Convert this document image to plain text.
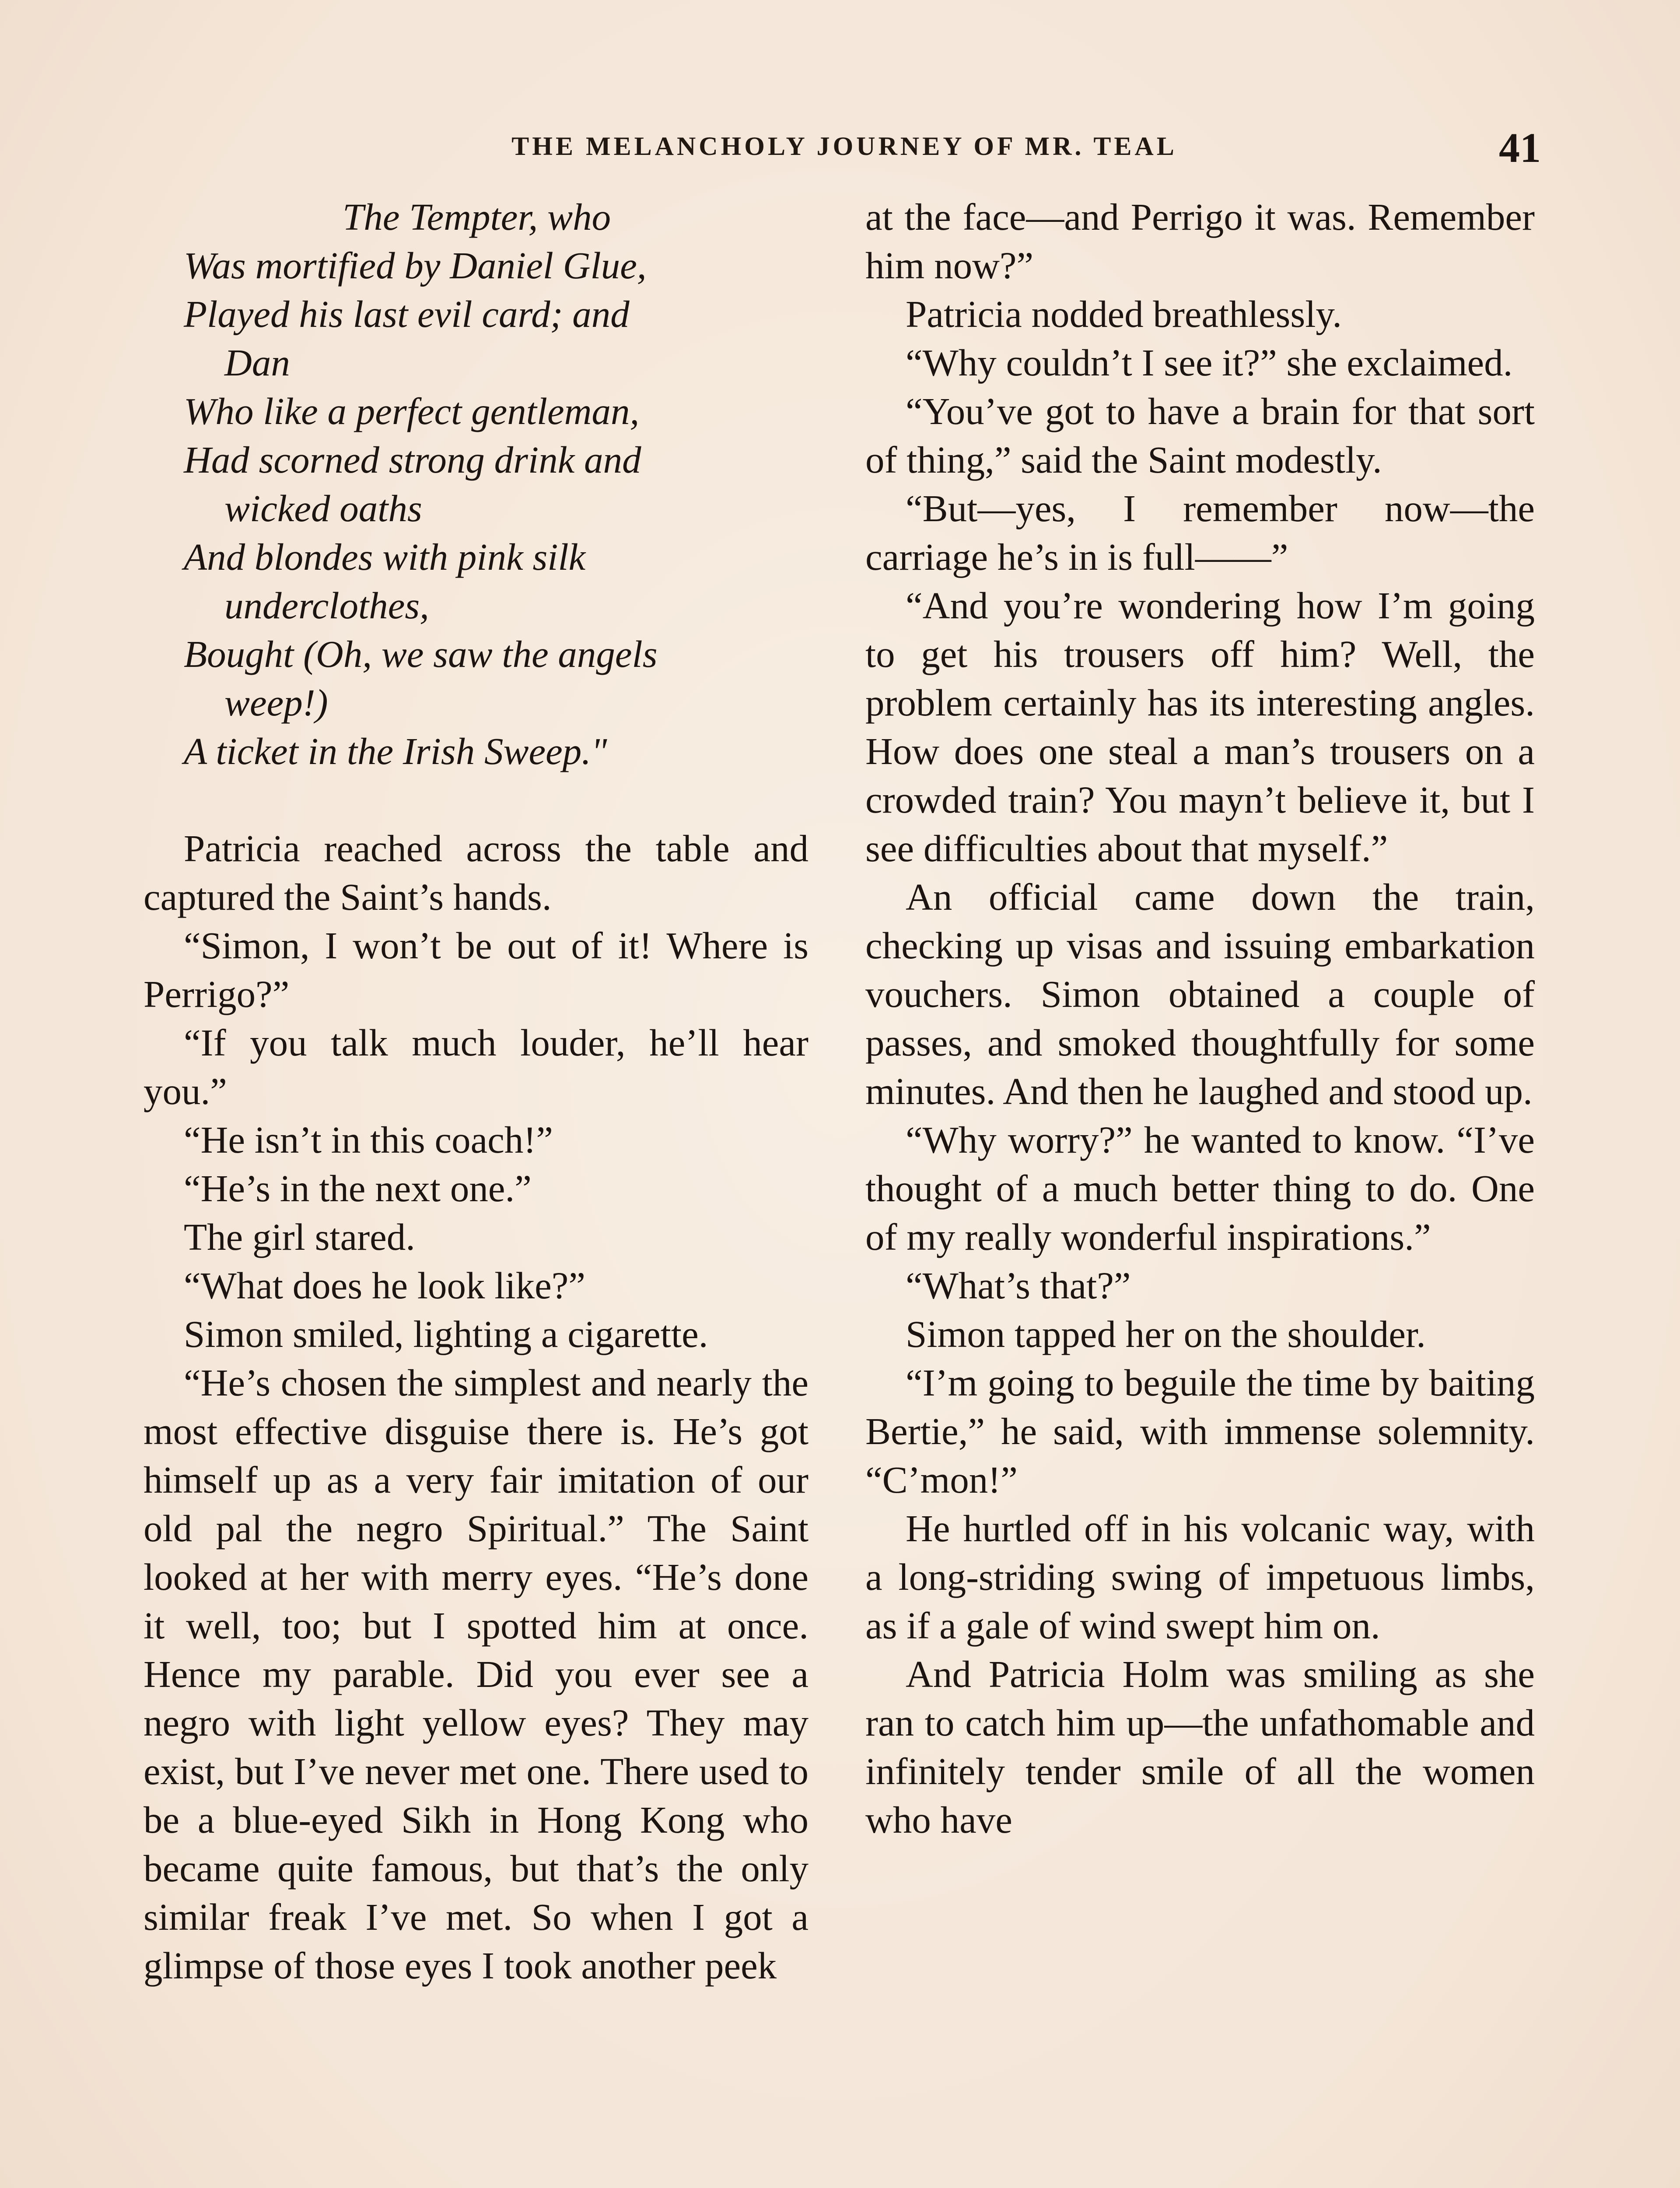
THE MELANCHOLY JOURNEY OF MR. TEAL	41
The Tempter, who
Was mortified by Daniel Glue,
Played his last evil card; and
Dan
Who like a perfect gentleman,
Had scorned strong drink and
wicked oaths
And blondes with pink silk
underclothes,
Bought (Oh, we saw the angels
weep!)
A ticket in the Irish Sweep."

Patricia reached across the table and captured the Saint’s hands.

“Simon, I won’t be out of it! Where is Perrigo?”

“If you talk much louder, he’ll hear you.”

“He isn’t in this coach!”

“He’s in the next one.”

The girl stared.

“What does he look like?”

Simon smiled, lighting a cigarette.

“He’s chosen the simplest and nearly the most effective disguise there is. He’s got himself up as a very fair imitation of our old pal the negro Spiritual.” The Saint looked at her with merry eyes. “He’s done it well, too; but I spotted him at once. Hence my parable. Did you ever see a negro with light yellow eyes? They may exist, but I’ve never met one. There used to be a blue-eyed Sikh in Hong Kong who became quite famous, but that’s the only similar freak I’ve met. So when I got a glimpse of those eyes I took another peek

at the face—and Perrigo it was. Remember him now?”

Patricia nodded breathlessly.

“Why couldn’t I see it?” she exclaimed.

“You’ve got to have a brain for that sort of thing,” said the Saint modestly.

“But—yes, I remember now—the carriage he’s in is full——”

“And you’re wondering how I’m going to get his trousers off him? Well, the problem certainly has its interesting angles. How does one steal a man’s trousers on a crowded train? You mayn’t believe it, but I see difficulties about that myself.”

An official came down the train, checking up visas and issuing embarkation vouchers. Simon obtained a couple of passes, and smoked thoughtfully for some minutes. And then he laughed and stood up.

“Why worry?” he wanted to know. “I’ve thought of a much better thing to do. One of my really wonderful inspirations.”

“What’s that?”

Simon tapped her on the shoulder.

“I’m going to beguile the time by baiting Bertie,” he said, with immense solemnity. “C’mon!”

He hurtled off in his volcanic way, with a long-striding swing of impetuous limbs, as if a gale of wind swept him on.

And Patricia Holm was smiling as she ran to catch him up—the unfathomable and infinitely tender smile of all the women who have
